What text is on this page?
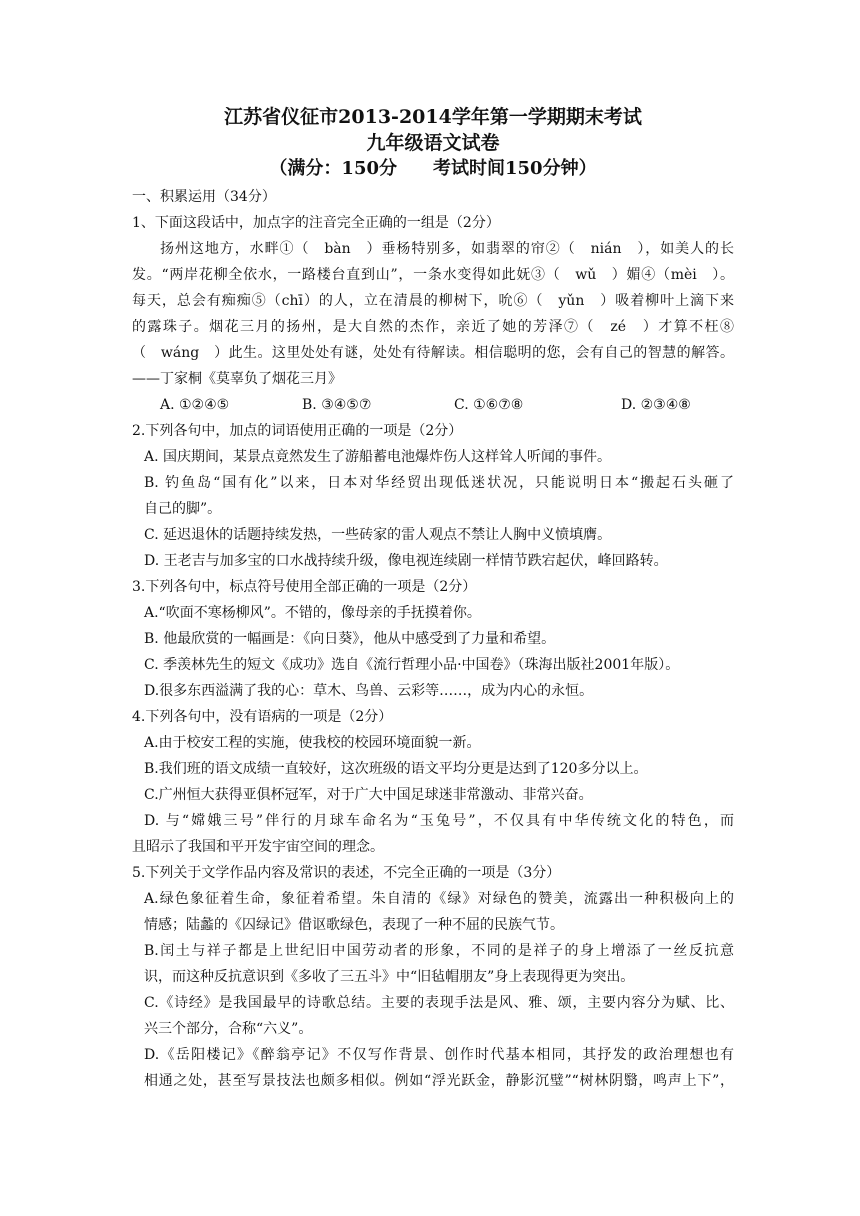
江苏省仪征市2013-2014学年第一学期期末考试

九年级语文试卷

（满分：150分　　考试时间150分钟）

一、积累运用（34分）

1、下面这段话中，加点字的注音完全正确的一组是（2分）

扬州这地方，水畔①（　bàn　）垂杨特别多，如翡翠的帘②（　nián　），如美人的长

发。“两岸花柳全依水，一路楼台直到山”，一条水变得如此妩③（　wǔ　）媚④（mèi　）。

每天，总会有痴痴⑤（chī）的人，立在清晨的柳树下，吮⑥（　yǔn　）吸着柳叶上滴下来

的露珠子。烟花三月的扬州，是大自然的杰作，亲近了她的芳泽⑦（　zé　）才算不枉⑧

（　wáng　）此生。这里处处有谜，处处有待解读。相信聪明的您，会有自己的智慧的解答。

——丁家桐《莫辜负了烟花三月》

A. ①②④⑤	B. ③④⑤⑦	C. ①⑥⑦⑧	D. ②③④⑧

2.下列各句中，加点的词语使用正确的一项是（2分）

A. 国庆期间，某景点竟然发生了游船蓄电池爆炸伤人这样耸人听闻的事件。

B. 钓鱼岛“国有化”以来，日本对华经贸出现低迷状况，只能说明日本“搬起石头砸了

自己的脚”。

C. 延迟退休的话题持续发热，一些砖家的雷人观点不禁让人胸中义愤填膺。

D. 王老吉与加多宝的口水战持续升级，像电视连续剧一样情节跌宕起伏，峰回路转。

3.下列各句中，标点符号使用全部正确的一项是（2分）

A.“吹面不寒杨柳风”。不错的，像母亲的手抚摸着你。

B. 他最欣赏的一幅画是：《向日葵》，他从中感受到了力量和希望。

C. 季羡林先生的短文《成功》选自《流行哲理小品·中国卷》（珠海出版社2001年版）。

D.很多东西溢满了我的心：草木、鸟兽、云彩等……，成为内心的永恒。

4.下列各句中，没有语病的一项是（2分）

A.由于校安工程的实施，使我校的校园环境面貌一新。

B.我们班的语文成绩一直较好，这次班级的语文平均分更是达到了120多分以上。

C.广州恒大获得亚俱杯冠军，对于广大中国足球迷非常激动、非常兴奋。

D. 与“嫦娥三号”伴行的月球车命名为“玉兔号”，不仅具有中华传统文化的特色，而

且昭示了我国和平开发宇宙空间的理念。

5.下列关于文学作品内容及常识的表述，不完全正确的一项是（3分）

A.绿色象征着生命，象征着希望。朱自清的《绿》对绿色的赞美，流露出一种积极向上的

情感；陆蠡的《囚绿记》借讴歌绿色，表现了一种不屈的民族气节。

B.闰土与祥子都是上世纪旧中国劳动者的形象，不同的是祥子的身上增添了一丝反抗意

识，而这种反抗意识到《多收了三五斗》中“旧毡帽朋友”身上表现得更为突出。

C.《诗经》是我国最早的诗歌总结。主要的表现手法是风、雅、颂，主要内容分为赋、比、

兴三个部分，合称“六义”。

D.《岳阳楼记》《醉翁亭记》不仅写作背景、创作时代基本相同，其抒发的政治理想也有

相通之处，甚至写景技法也颇多相似。例如“浮光跃金，静影沉璧”“树林阴翳，鸣声上下”，
